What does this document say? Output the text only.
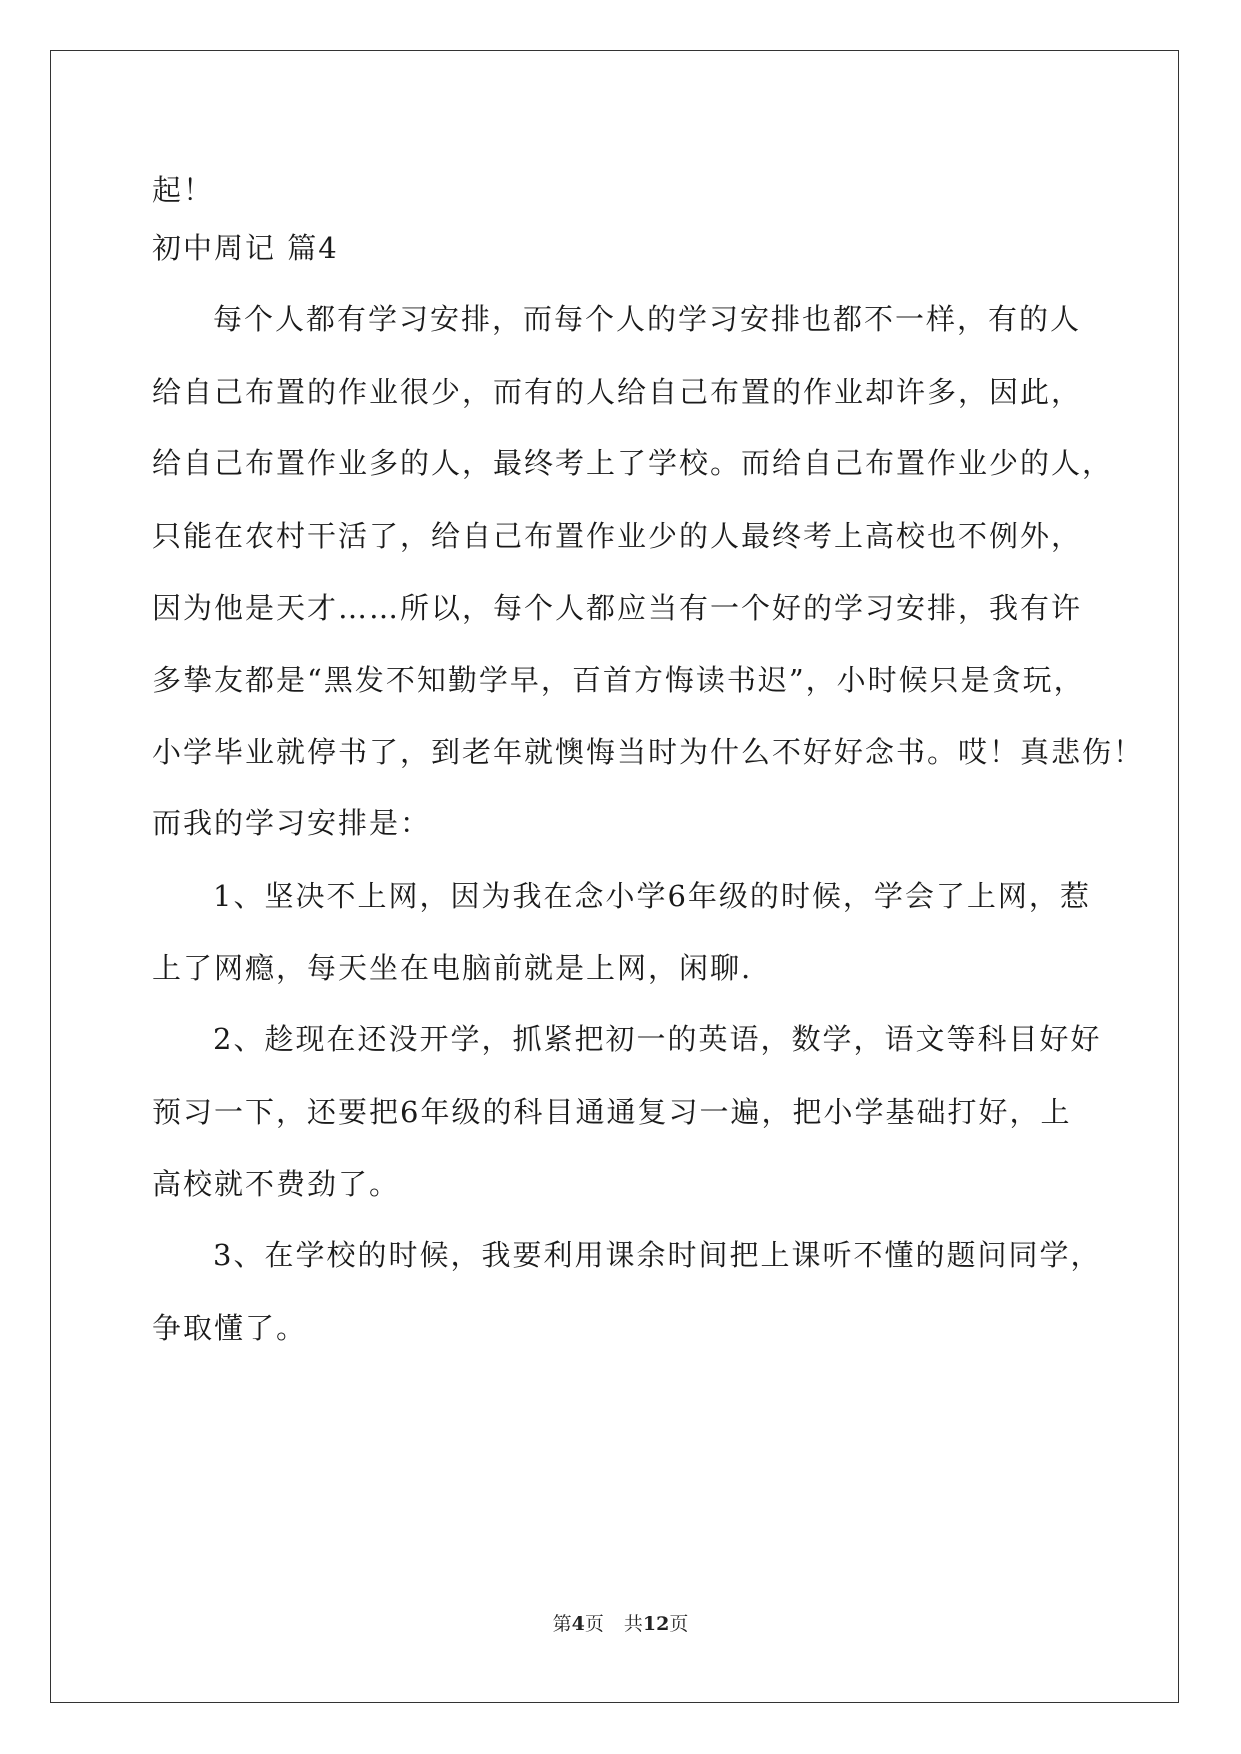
起！
初中周记 篇4
每个人都有学习安排，而每个人的学习安排也都不一样，有的人
给自己布置的作业很少，而有的人给自己布置的作业却许多，因此，
给自己布置作业多的人，最终考上了学校。而给自己布置作业少的人，
只能在农村干活了，给自己布置作业少的人最终考上高校也不例外，
因为他是天才……所以，每个人都应当有一个好的学习安排，我有许
多挚友都是“黑发不知勤学早，百首方悔读书迟”，小时候只是贪玩，
小学毕业就停书了，到老年就懊悔当时为什么不好好念书。哎！真悲伤！
而我的学习安排是：
1、坚决不上网，因为我在念小学6年级的时候，学会了上网，惹
上了网瘾，每天坐在电脑前就是上网，闲聊.
2、趁现在还没开学，抓紧把初一的英语，数学，语文等科目好好
预习一下，还要把6年级的科目通通复习一遍，把小学基础打好，上
高校就不费劲了。
3、在学校的时候，我要利用课余时间把上课听不懂的题问同学，
争取懂了。
第4页 共12页
